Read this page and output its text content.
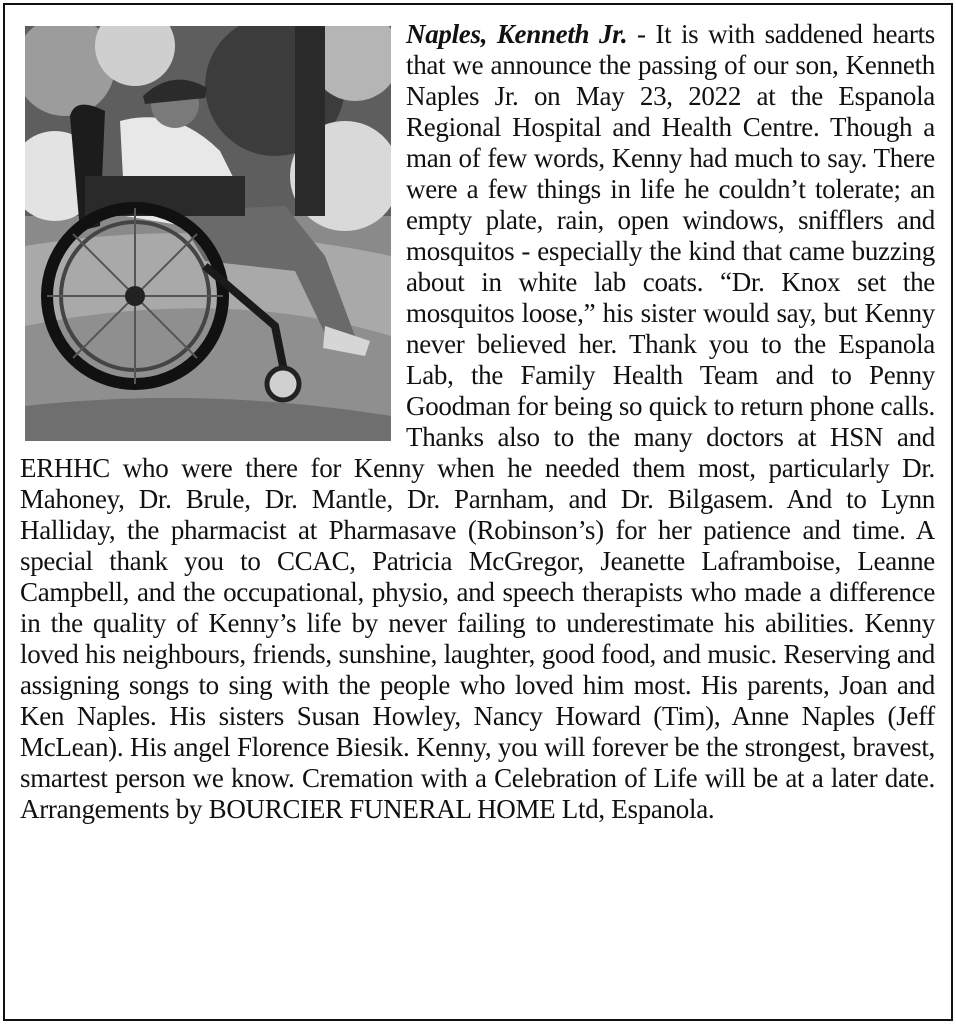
Naples, Kenneth Jr. - It is with saddened hearts that we announce the passing of our son, Kenneth Naples Jr. on May 23, 2022 at the Espanola Regional Hospital and Health Centre. Though a man of few words, Kenny had much to say. There were a few things in life he couldn’t tolerate; an empty plate, rain, open windows, snifflers and mosquitos - especially the kind that came buzzing about in white lab coats. “Dr. Knox set the mosquitos loose,” his sister would say, but Kenny never believed her. Thank you to the Espanola Lab, the Family Health Team and to Penny Goodman for being so quick to return phone calls. Thanks also to the many doctors at HSN and ERHHC who were there for Kenny when he needed them most, particularly Dr. Mahoney, Dr. Brule, Dr. Mantle, Dr. Parnham, and Dr. Bilgasem. And to Lynn Halliday, the pharmacist at Pharmasave (Robinson’s) for her patience and time. A special thank you to CCAC, Patricia McGregor, Jeanette Laframboise, Leanne Campbell, and the occupational, physio, and speech therapists who made a difference in the quality of Kenny’s life by never failing to underestimate his abilities. Kenny loved his neighbours, friends, sunshine, laughter, good food, and music. Reserving and assigning songs to sing with the people who loved him most. His parents, Joan and Ken Naples. His sisters Susan Howley, Nancy Howard (Tim), Anne Naples (Jeff McLean). His angel Florence Biesik. Kenny, you will forever be the strongest, bravest, smartest person we know. Cremation with a Celebration of Life will be at a later date. Arrangements by BOURCIER FUNERAL HOME Ltd, Espanola.
